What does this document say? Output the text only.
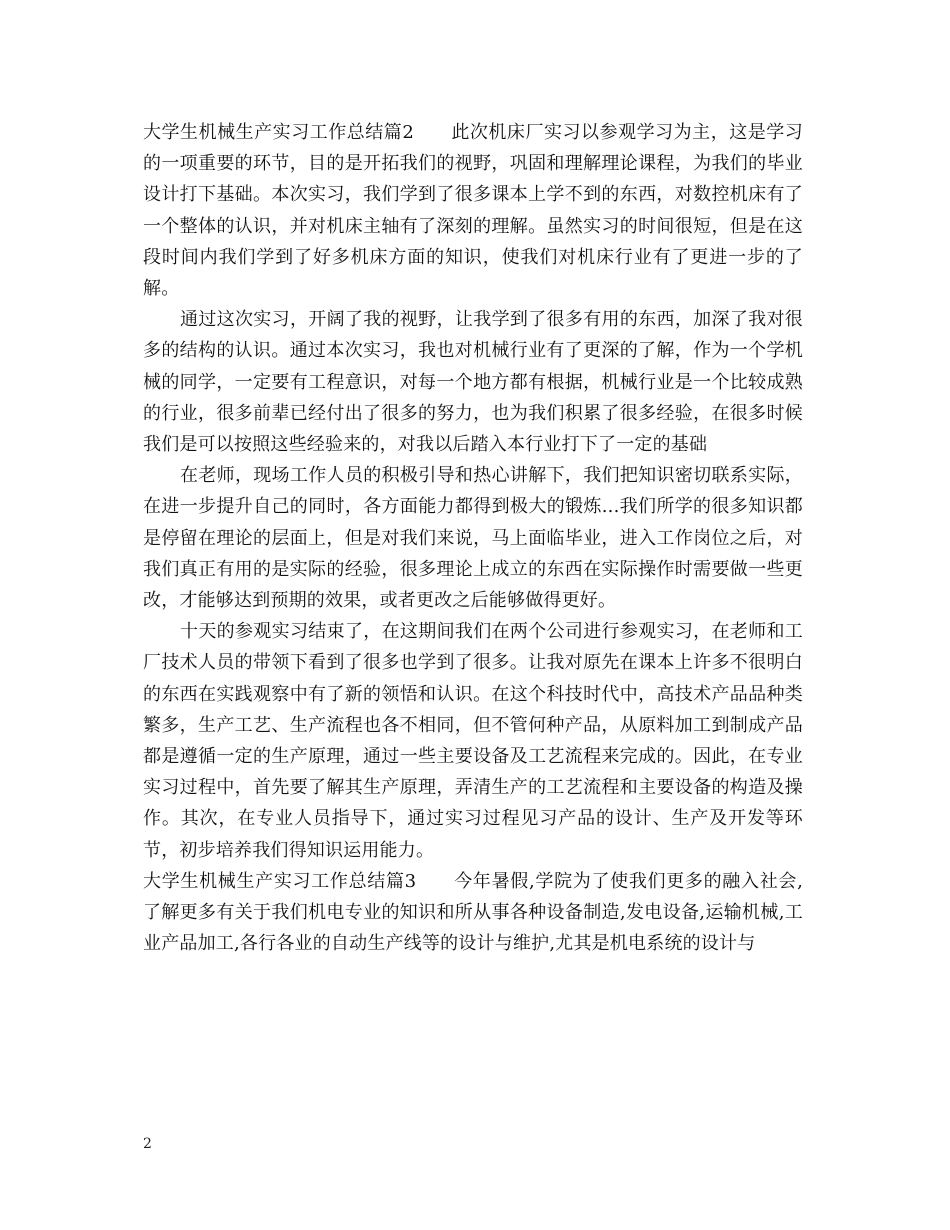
大学生机械生产实习工作总结篇2　　此次机床厂实习以参观学习为主，这是学习的一项重要的环节，目的是开拓我们的视野，巩固和理解理论课程，为我们的毕业设计打下基础。本次实习，我们学到了很多课本上学不到的东西，对数控机床有了一个整体的认识，并对机床主轴有了深刻的理解。虽然实习的时间很短，但是在这段时间内我们学到了好多机床方面的知识，使我们对机床行业有了更进一步的了解。

通过这次实习，开阔了我的视野，让我学到了很多有用的东西，加深了我对很多的结构的认识。通过本次实习，我也对机械行业有了更深的了解，作为一个学机械的同学，一定要有工程意识，对每一个地方都有根据，机械行业是一个比较成熟的行业，很多前辈已经付出了很多的努力，也为我们积累了很多经验，在很多时候我们是可以按照这些经验来的，对我以后踏入本行业打下了一定的基础

在老师，现场工作人员的积极引导和热心讲解下，我们把知识密切联系实际，在进一步提升自己的同时，各方面能力都得到极大的锻炼...我们所学的很多知识都是停留在理论的层面上，但是对我们来说，马上面临毕业，进入工作岗位之后，对我们真正有用的是实际的经验，很多理论上成立的东西在实际操作时需要做一些更改，才能够达到预期的效果，或者更改之后能够做得更好。

十天的参观实习结束了，在这期间我们在两个公司进行参观实习，在老师和工厂技术人员的带领下看到了很多也学到了很多。让我对原先在课本上许多不很明白的东西在实践观察中有了新的领悟和认识。在这个科技时代中，高技术产品品种类繁多，生产工艺、生产流程也各不相同，但不管何种产品，从原料加工到制成产品都是遵循一定的生产原理，通过一些主要设备及工艺流程来完成的。因此，在专业实习过程中，首先要了解其生产原理，弄清生产的工艺流程和主要设备的构造及操作。其次，在专业人员指导下，通过实习过程见习产品的设计、生产及开发等环节，初步培养我们得知识运用能力。

大学生机械生产实习工作总结篇3　　今年暑假,学院为了使我们更多的融入社会,了解更多有关于我们机电专业的知识和所从事各种设备制造,发电设备,运输机械,工业产品加工,各行各业的自动生产线等的设计与维护,尤其是机电系统的设计与

2
